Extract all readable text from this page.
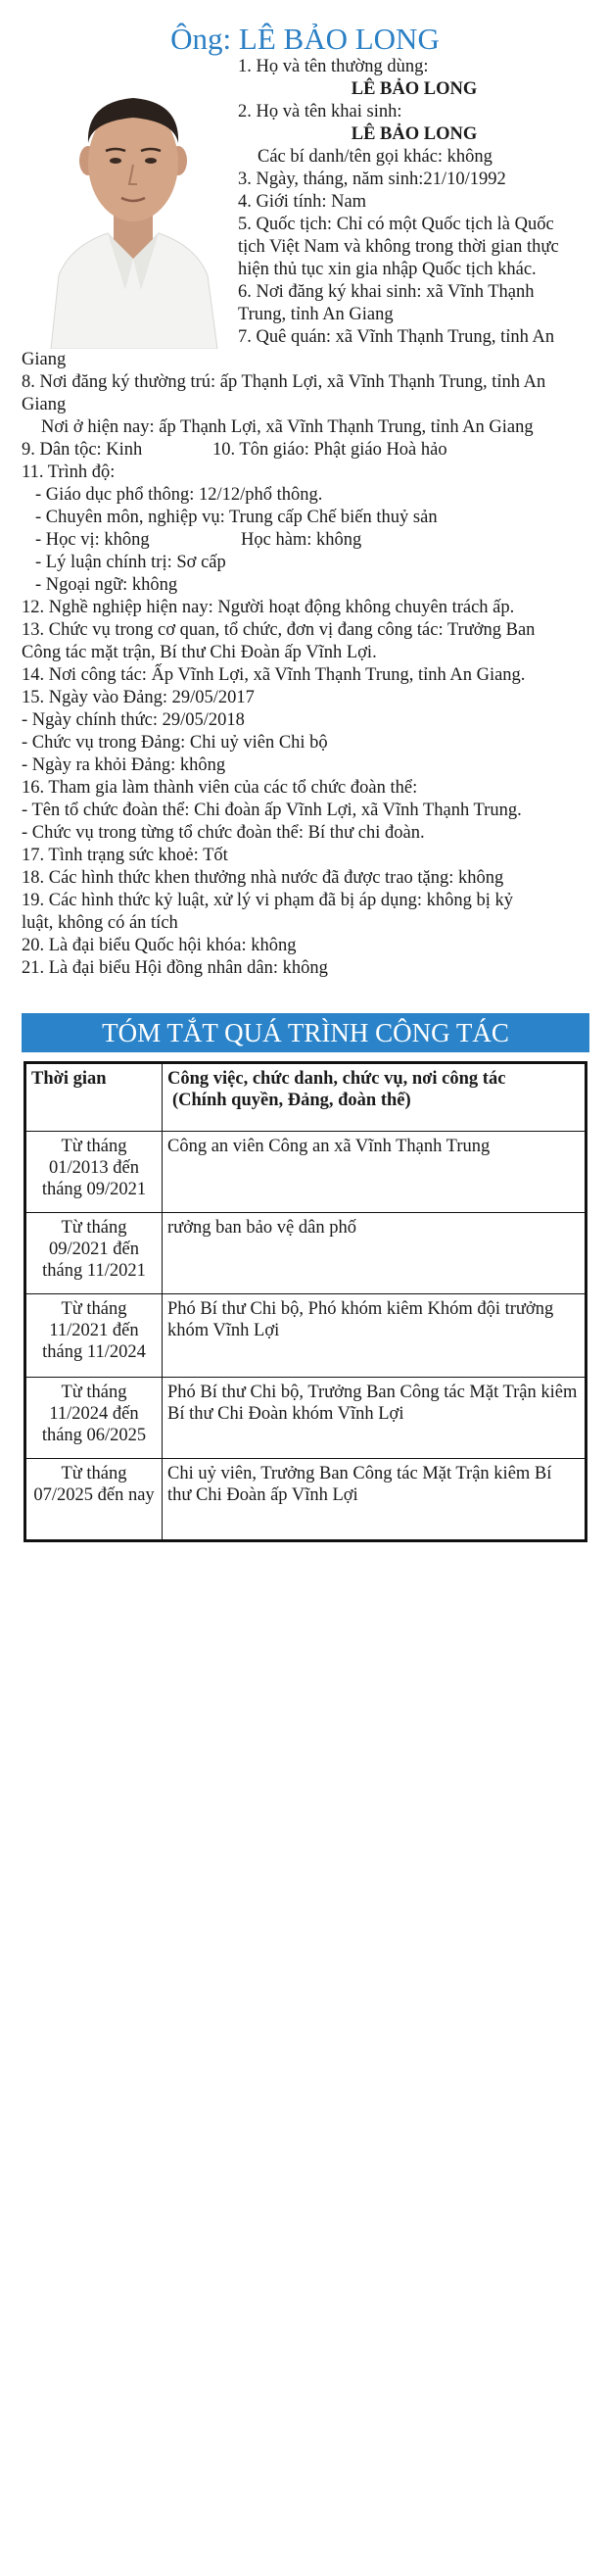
Ông: LÊ BẢO LONG
1. Họ và tên thường dùng:
LÊ BẢO LONG
2. Họ và tên khai sinh:
LÊ BẢO LONG
Các bí danh/tên gọi khác: không
3. Ngày, tháng, năm sinh:21/10/1992
4. Giới tính: Nam
5. Quốc tịch: Chỉ có một Quốc tịch là Quốc
tịch Việt Nam và không trong thời gian thực
hiện thủ tục xin gia nhập Quốc tịch khác.
6. Nơi đăng ký khai sinh: xã Vĩnh Thạnh
Trung, tỉnh An Giang
7. Quê quán: xã Vĩnh Thạnh Trung, tỉnh An
Giang
8. Nơi đăng ký thường trú: ấp Thạnh Lợi, xã Vĩnh Thạnh Trung, tỉnh An
Giang
Nơi ở hiện nay: ấp Thạnh Lợi, xã Vĩnh Thạnh Trung, tỉnh An Giang
9. Dân tộc: Kinh	10. Tôn giáo: Phật giáo Hoà hảo
11. Trình độ:
- Giáo dục phổ thông: 12/12/phổ thông.
- Chuyên môn, nghiệp vụ: Trung cấp Chế biến thuỷ sản
- Học vị: không	Học hàm: không
- Lý luận chính trị: Sơ cấp
- Ngoại ngữ: không
12. Nghề nghiệp hiện nay: Người hoạt động không chuyên trách ấp.
13. Chức vụ trong cơ quan, tổ chức, đơn vị đang công tác: Trưởng Ban
Công tác mặt trận, Bí thư Chi Đoàn ấp Vĩnh Lợi.
14. Nơi công tác: Ấp Vĩnh Lợi, xã Vĩnh Thạnh Trung, tỉnh An Giang.
15. Ngày vào Đảng: 29/05/2017
- Ngày chính thức: 29/05/2018
- Chức vụ trong Đảng: Chi uỷ viên Chi bộ
- Ngày ra khỏi Đảng: không
16. Tham gia làm thành viên của các tổ chức đoàn thể:
- Tên tổ chức đoàn thể: Chi đoàn ấp Vĩnh Lợi, xã Vĩnh Thạnh Trung.
- Chức vụ trong từng tổ chức đoàn thể: Bí thư chi đoàn.
17. Tình trạng sức khoẻ: Tốt
18. Các hình thức khen thưởng nhà nước đã được trao tặng: không
19. Các hình thức kỷ luật, xử lý vi phạm đã bị áp dụng: không bị kỷ
luật, không có án tích
20. Là đại biểu Quốc hội khóa: không
21. Là đại biểu Hội đồng nhân dân: không
TÓM TẮT QUÁ TRÌNH CÔNG TÁC
Thời gian	Công việc, chức danh, chức vụ, nơi công tác
(Chính quyền, Đảng, đoàn thể)

Từ tháng 01/2013 đến tháng 09/2021	Công an viên Công an xã Vĩnh Thạnh Trung
Từ tháng 09/2021 đến tháng 11/2021	rưởng ban bảo vệ dân phố
Từ tháng 11/2021 đến tháng 11/2024	Phó Bí thư Chi bộ, Phó khóm kiêm Khóm đội trưởng khóm Vĩnh Lợi
Từ tháng 11/2024 đến tháng 06/2025	Phó Bí thư Chi bộ, Trưởng Ban Công tác Mặt Trận kiêm Bí thư Chi Đoàn khóm Vĩnh Lợi
Từ tháng 07/2025 đến nay	Chi uỷ viên, Trưởng Ban Công tác Mặt Trận kiêm Bí thư Chi Đoàn ấp Vĩnh Lợi
